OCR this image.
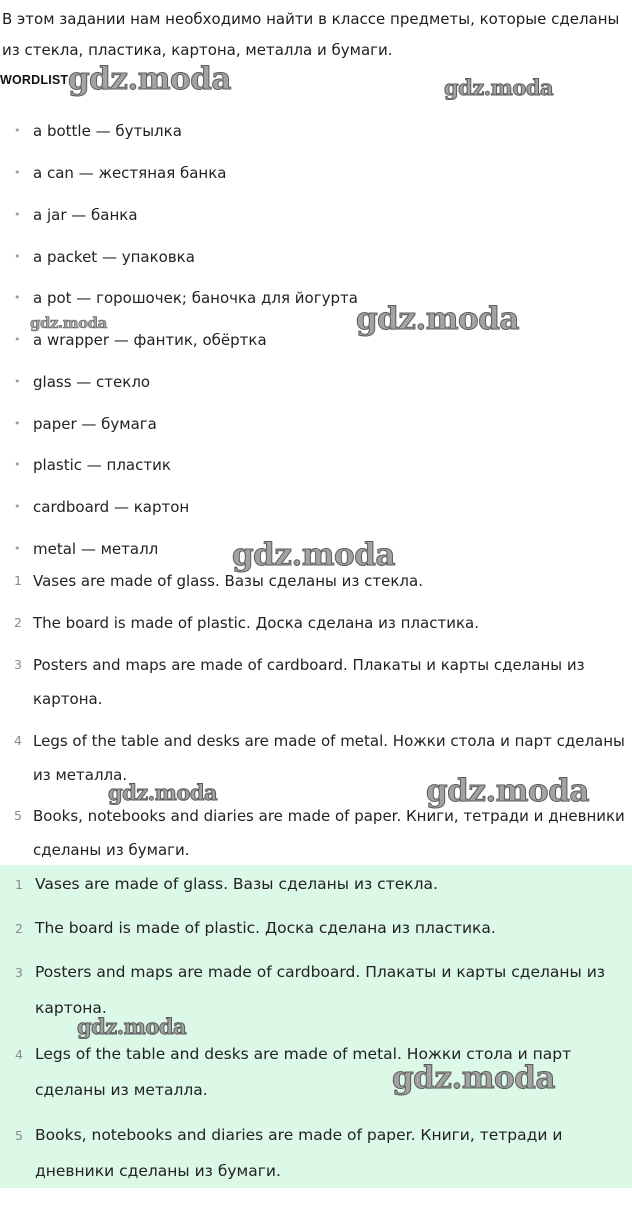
В этом задании нам необходимо найти в классе предметы, которые сделаны из стекла, пластика, картона, металла и бумаги.

WORDLIST
• a bottle — бутылка
• a can — жестяная банка
• a jar — банка
• a packet — упаковка
• a pot — горошочек; баночка для йогурта
• a wrapper — фантик, обёртка
• glass — стекло
• paper — бумага
• plastic — пластик
• cardboard — картон
• metal — металл
1 Vases are made of glass. Вазы сделаны из стекла.
2 The board is made of plastic. Доска сделана из пластика.
3 Posters and maps are made of cardboard. Плакаты и карты сделаны из картона.
4 Legs of the table and desks are made of metal. Ножки стола и парт сделаны из металла.
5 Books, notebooks and diaries are made of paper. Книги, тетради и дневники сделаны из бумаги.
1 Vases are made of glass. Вазы сделаны из стекла.
2 The board is made of plastic. Доска сделана из пластика.
3 Posters and maps are made of cardboard. Плакаты и карты сделаны из картона.
4 Legs of the table and desks are made of metal. Ножки стола и парт сделаны из металла.
5 Books, notebooks and diaries are made of paper. Книги, тетради и дневники сделаны из бумаги.
gdz.moda	gdz.moda
gdz.moda	gdz.moda
gdz.moda
gdz.moda	gdz.moda
gdz.moda
gdz.moda
